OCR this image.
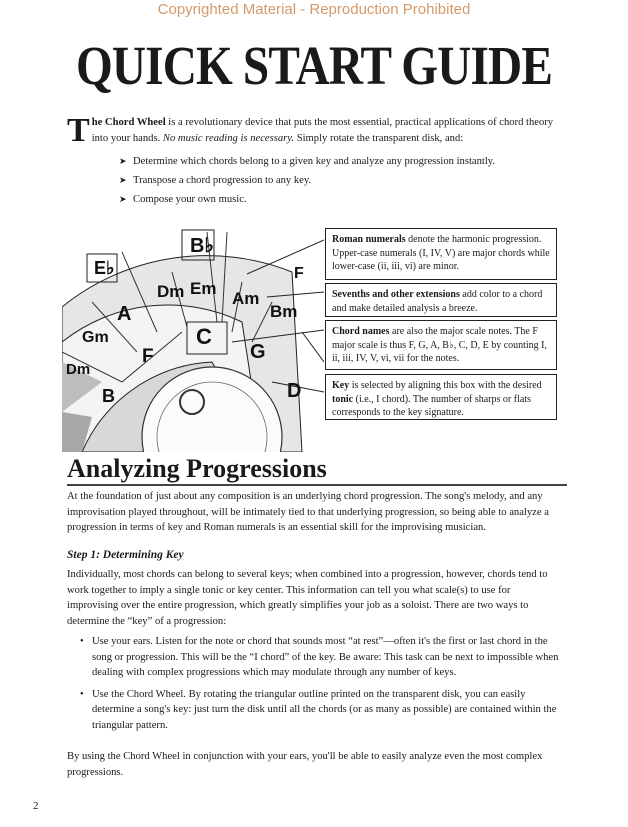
Copyrighted Material - Reproduction Prohibited
QUICK START GUIDE
The Chord Wheel is a revolutionary device that puts the most essential, practical applications of chord theory into your hands. No music reading is necessary. Simply rotate the transparent disk, and:
➤ Determine which chords belong to a given key and analyze any progression instantly.
➤ Transpose a chord progression to any key.
➤ Compose your own music.
B♭
E♭	F
A
Dm Em
Am
Bm
Gm	C
G
F
Dm
B	D
Roman numerals denote the harmonic progression. Upper-case numerals (I, IV, V) are major chords while lower-case (ii, iii, vi) are minor.
Sevenths and other extensions add color to a chord and make detailed analysis a breeze.
Chord names are also the major scale notes. The F major scale is thus F, G, A, B♭, C, D, E by counting I, ii, iii, IV, V, vi, vii for the notes.
Key is selected by aligning this box with the desired tonic (i.e., I chord). The number of sharps or flats corresponds to the key signature.
Analyzing Progressions
At the foundation of just about any composition is an underlying chord progression. The song's melody, and any improvisation played throughout, will be intimately tied to that underlying progression, so being able to analyze a progression in terms of key and Roman numerals is an essential skill for the improvising musician.
Step 1: Determining Key
Individually, most chords can belong to several keys; when combined into a progression, however, chords tend to work together to imply a single tonic or key center. This information can tell you what scale(s) to use for improvising over the entire progression, which greatly simplifies your job as a soloist. There are two ways to determine the “key” of a progression:
• Use your ears. Listen for the note or chord that sounds most “at rest”—often it's the first or last chord in the song or progression. This will be the “I chord” of the key. Be aware: This task can be next to impossible when dealing with complex progressions which may modulate through any number of keys.
• Use the Chord Wheel. By rotating the triangular outline printed on the transparent disk, you can easily determine a song's key: just turn the disk until all the chords (or as many as possible) are contained within the triangular pattern.
By using the Chord Wheel in conjunction with your ears, you'll be able to easily analyze even the most complex progressions.
2
